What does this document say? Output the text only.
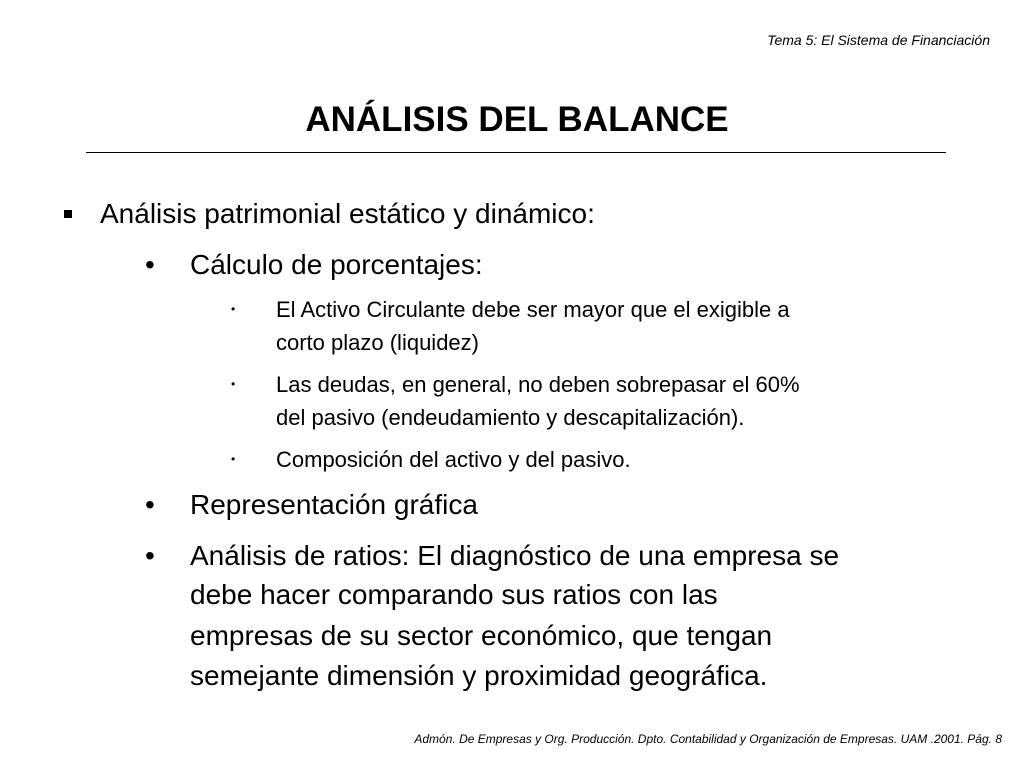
Tema 5: El Sistema de Financiación
ANÁLISIS DEL BALANCE
Análisis patrimonial estático y dinámico:
• Cálculo de porcentajes:
• El Activo Circulante debe ser mayor que el exigible a
corto plazo (liquidez)
• Las deudas, en general, no deben sobrepasar el 60%
del pasivo (endeudamiento y descapitalización).
• Composición del activo y del pasivo.
• Representación gráfica
• Análisis de ratios: El diagnóstico de una empresa se
debe hacer comparando sus ratios con las
empresas de su sector económico, que tengan
semejante dimensión y proximidad geográfica.
Admón. De Empresas y Org. Producción. Dpto. Contabilidad y Organización de Empresas. UAM .2001. Pág. 8
